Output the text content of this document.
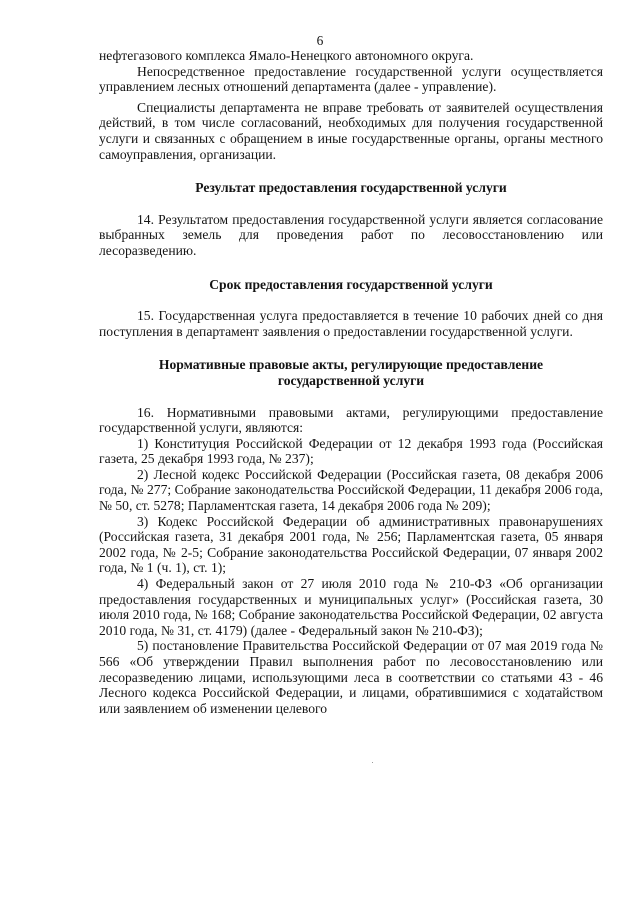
6

нефтегазового комплекса Ямало-Ненецкого автономного округа.

Непосредственное предоставление государственной услуги осуществляется управлением лесных отношений департамента (далее - управление).

Специалисты департамента не вправе требовать от заявителей осуществления действий, в том числе согласований, необходимых для получения государственной услуги и связанных с обращением в иные государственные органы, органы местного самоуправления, организации.

Результат предоставления государственной услуги

14. Результатом предоставления государственной услуги является согласование выбранных земель для проведения работ по лесовосстановлению или лесоразведению.

Срок предоставления государственной услуги

15. Государственная услуга предоставляется в течение 10 рабочих дней со дня поступления в департамент заявления о предоставлении государственной услуги.

Нормативные правовые акты, регулирующие предоставление

государственной услуги

16. Нормативными правовыми актами, регулирующими предоставление государственной услуги, являются:

1) Конституция Российской Федерации от 12 декабря 1993 года (Российская газета, 25 декабря 1993 года, № 237);

2) Лесной кодекс Российской Федерации (Российская газета, 08 декабря 2006 года, № 277; Собрание законодательства Российской Федерации, 11 декабря 2006 года, № 50, ст. 5278; Парламентская газета, 14 декабря 2006 года № 209);

3) Кодекс Российской Федерации об административных правонарушениях (Российская газета, 31 декабря 2001 года, № 256; Парламентская газета, 05 января 2002 года, № 2-5; Собрание законодательства Российской Федерации, 07 января 2002 года, № 1 (ч. 1), ст. 1);

4) Федеральный закон от 27 июля 2010 года № 210-ФЗ «Об организации предоставления государственных и муниципальных услуг» (Российская газета, 30 июля 2010 года, № 168; Собрание законодательства Российской Федерации, 02 августа 2010 года, № 31, ст. 4179) (далее - Федеральный закон № 210-ФЗ);

5) постановление Правительства Российской Федерации от 07 мая 2019 года № 566 «Об утверждении Правил выполнения работ по лесовосстановлению или лесоразведению лицами, использующими леса в соответствии со статьями 43 - 46 Лесного кодекса Российской Федерации, и лицами, обратившимися с ходатайством или заявлением об изменении целевого
